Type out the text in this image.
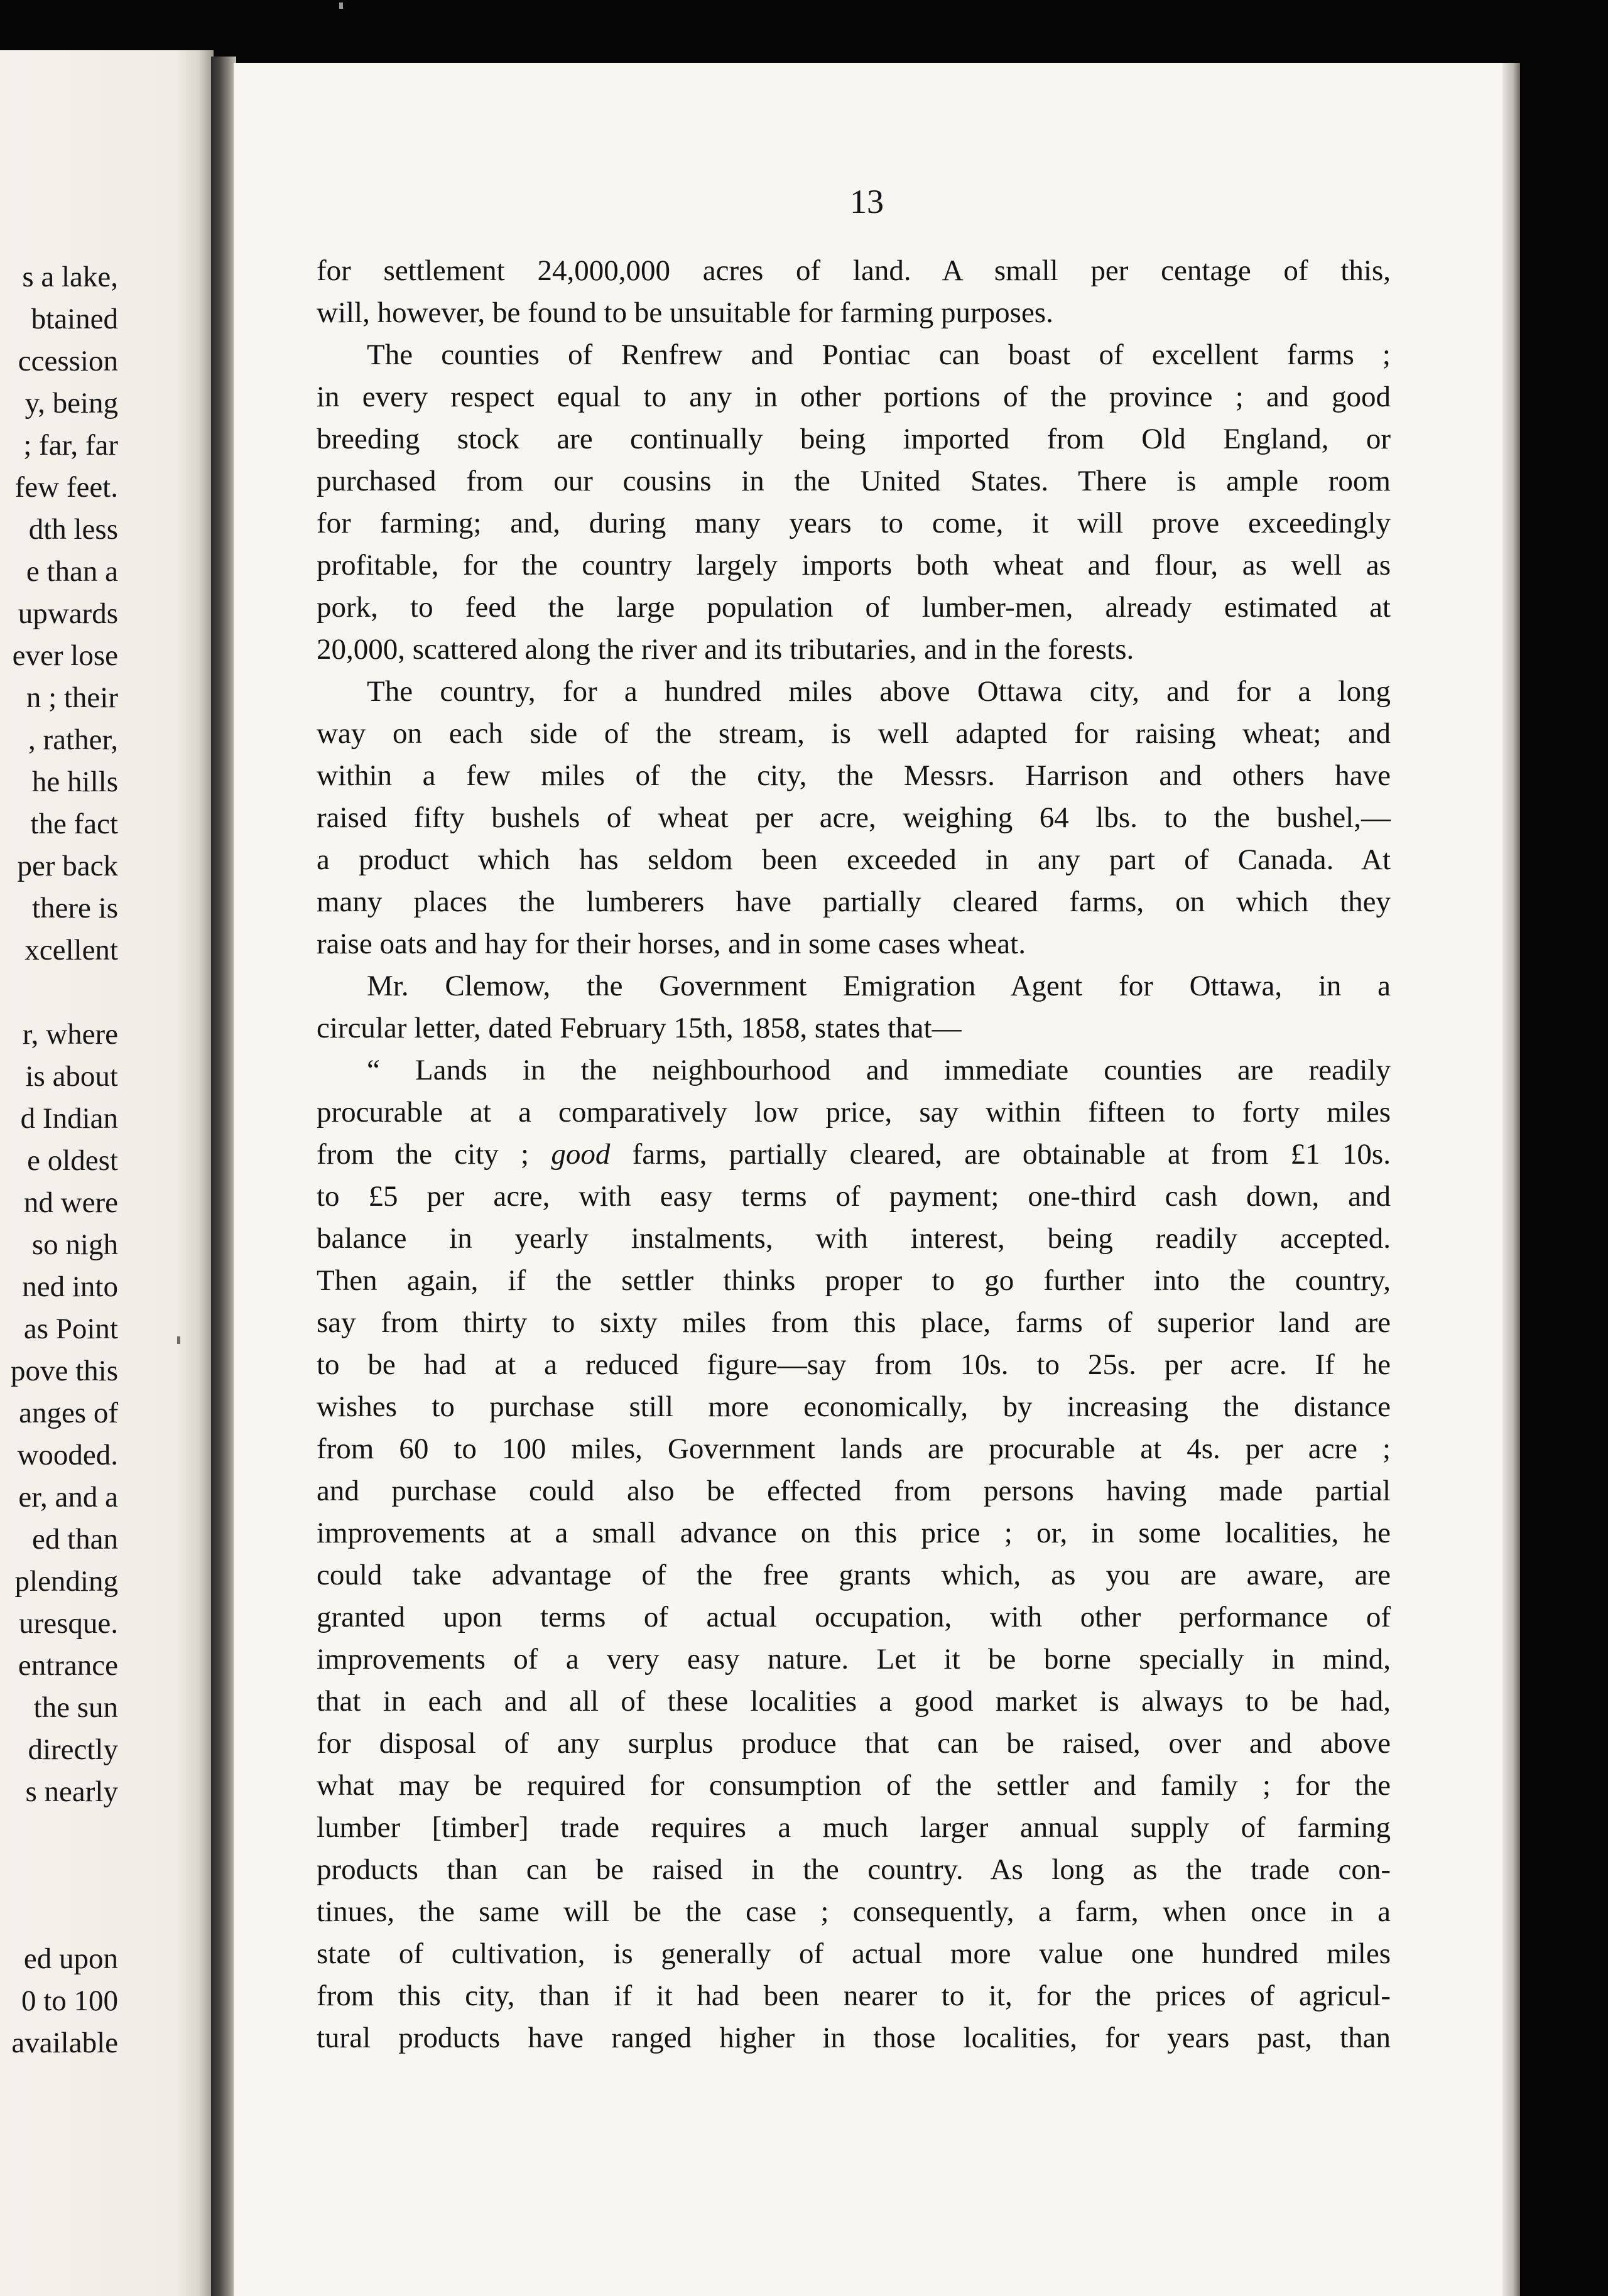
s a lake,

btained

ccession

y, being

; far, far

few feet.

dth less

e than a

upwards

ever lose

n ; their

, rather,

he hills

the fact

per back

there is

xcellent

r, where

is about

d Indian

e oldest

nd were

so nigh

ned into

as Point

pove this

anges of

wooded.

er, and a

ed than

plending

uresque.

entrance

the sun

directly

s nearly

ed upon

0 to 100

available

13

for settlement 24,000,000 acres of land. A small per centage of this,

will, however, be found to be unsuitable for farming purposes.

The counties of Renfrew and Pontiac can boast of excellent farms ;

in every respect equal to any in other portions of the province ; and good

breeding stock are continually being imported from Old England, or

purchased from our cousins in the United States. There is ample room

for farming; and, during many years to come, it will prove exceedingly

profitable, for the country largely imports both wheat and flour, as well as

pork, to feed the large population of lumber-men, already estimated at

20,000, scattered along the river and its tributaries, and in the forests.

The country, for a hundred miles above Ottawa city, and for a long

way on each side of the stream, is well adapted for raising wheat; and

within a few miles of the city, the Messrs. Harrison and others have

raised fifty bushels of wheat per acre, weighing 64 lbs. to the bushel,—

a product which has seldom been exceeded in any part of Canada. At

many places the lumberers have partially cleared farms, on which they

raise oats and hay for their horses, and in some cases wheat.

Mr. Clemow, the Government Emigration Agent for Ottawa, in a

circular letter, dated February 15th, 1858, states that—

“ Lands in the neighbourhood and immediate counties are readily

procurable at a comparatively low price, say within fifteen to forty miles

from the city ; good farms, partially cleared, are obtainable at from £1 10s.

to £5 per acre, with easy terms of payment; one-third cash down, and

balance in yearly instalments, with interest, being readily accepted.

Then again, if the settler thinks proper to go further into the country,

say from thirty to sixty miles from this place, farms of superior land are

to be had at a reduced figure—say from 10s. to 25s. per acre. If he

wishes to purchase still more economically, by increasing the distance

from 60 to 100 miles, Government lands are procurable at 4s. per acre ;

and purchase could also be effected from persons having made partial

improvements at a small advance on this price ; or, in some localities, he

could take advantage of the free grants which, as you are aware, are

granted upon terms of actual occupation, with other performance of

improvements of a very easy nature. Let it be borne specially in mind,

that in each and all of these localities a good market is always to be had,

for disposal of any surplus produce that can be raised, over and above

what may be required for consumption of the settler and family ; for the

lumber [timber] trade requires a much larger annual supply of farming

products than can be raised in the country. As long as the trade con-

tinues, the same will be the case ; consequently, a farm, when once in a

state of cultivation, is generally of actual more value one hundred miles

from this city, than if it had been nearer to it, for the prices of agricul-

tural products have ranged higher in those localities, for years past, than
